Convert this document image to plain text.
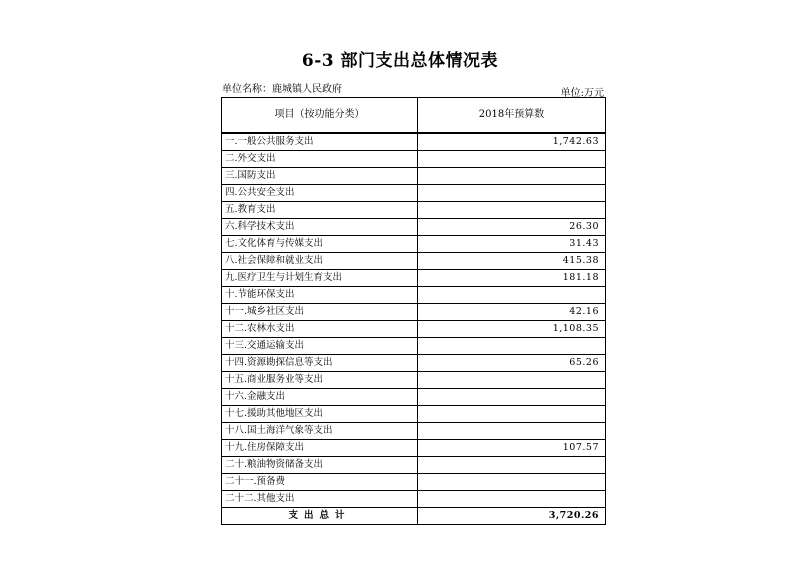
6-3 部门支出总体情况表
单位名称：鹿城镇人民政府	单位:万元
项目（按功能分类）	2018年预算数
一.一般公共服务支出	1,742.63
二.外交支出	
三.国防支出	
四.公共安全支出	
五.教育支出	
六.科学技术支出	26.30
七.文化体育与传媒支出	31.43
八.社会保障和就业支出	415.38
九.医疗卫生与计划生育支出	181.18
十.节能环保支出	
十一.城乡社区支出	42.16
十二.农林水支出	1,108.35
十三.交通运输支出	
十四.资源勘探信息等支出	65.26
十五.商业服务业等支出	
十六.金融支出	
十七.援助其他地区支出	
十八.国土海洋气象等支出	
十九.住房保障支出	107.57
二十.粮油物资储备支出	
二十一.预备费	
二十二.其他支出	
支出总计	3,720.26
